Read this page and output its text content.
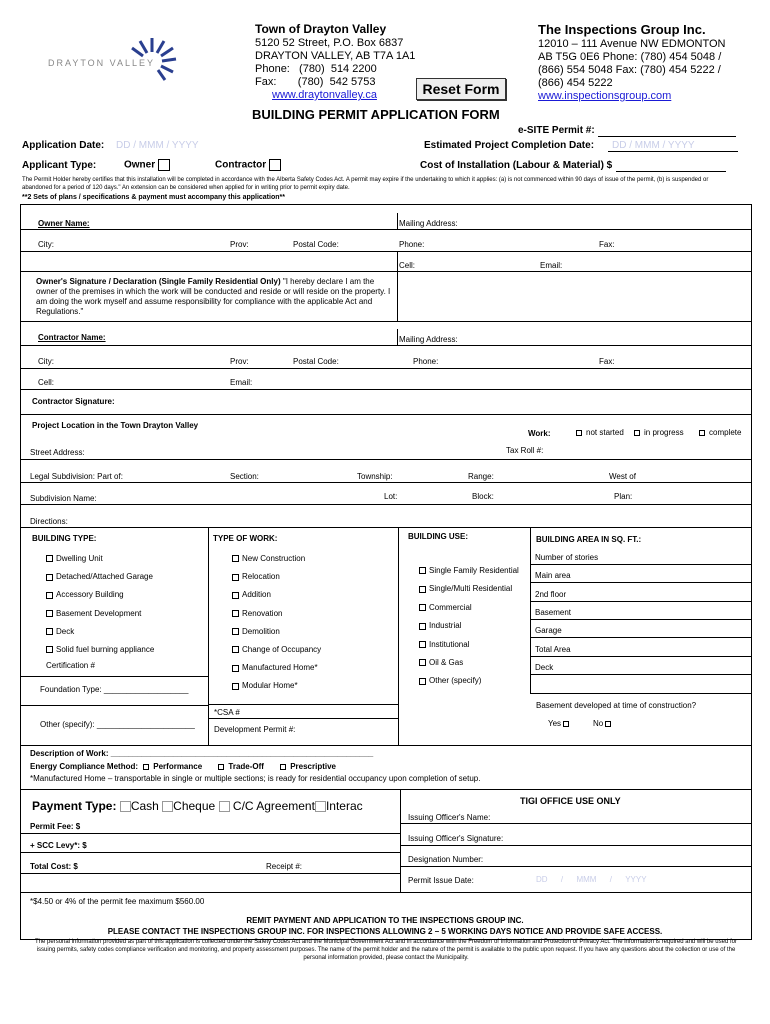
DRAYTON VALLEY
Town of Drayton Valley
5120 52 Street, P.O. Box 6837
DRAYTON VALLEY, AB T7A 1A1
Phone:   (780)  514 2200
Fax:       (780)  542 5753
www.draytonvalley.ca	Reset Form
The Inspections Group Inc.
12010 – 111 Avenue NW EDMONTON
AB T5G 0E6 Phone: (780) 454 5048 /
(866) 554 5048 Fax: (780) 454 5222 /
(866) 454 5222
www.inspectionsgroup.com
BUILDING PERMIT APPLICATION FORM
e-SITE Permit #:
Application Date: DD / MMM / YYYY	Estimated Project Completion Date: DD / MMM / YYYY
Applicant Type:	Owner	Contractor	Cost of Installation (Labour & Material) $
The Permit Holder hereby certifies that this installation will be completed in accordance with the Alberta Safety Codes Act. A permit may expire if the undertaking to which it applies: (a) is not commenced within 90 days of issue of the permit, (b) is suspended or abandoned for a period of 120 days." An extension can be considered when applied for in writing prior to permit expiry date.
**2 Sets of plans / specifications & payment must accompany this application**
Owner Name:	Mailing Address:
City:	Prov:	Postal Code:	Phone:	Fax:
Cell:	Email:
Owner's Signature / Declaration (Single Family Residential Only) "I hereby declare I am the owner of the premises in which the work will be conducted and reside or will reside on the property. I am doing the work myself and assume responsibility for compliance with the applicable Act and Regulations."
Contractor Name:	Mailing Address:
City:	Prov:	Postal Code:	Phone:	Fax:
Cell:	Email:
Contractor Signature:
Project Location in the Town Drayton Valley
Work:	not started	in progress	complete
Street Address:	Tax Roll #:
Legal Subdivision: Part of:	Section:	Township:	Range:	West of
Subdivision Name:	Lot:	Block:	Plan:
Directions:
BUILDING TYPE:
Dwelling Unit
Detached/Attached Garage
Accessory Building
Basement Development
Deck
Solid fuel burning appliance
Certification #
Foundation Type: ___________________
Other (specify): ______________________
TYPE OF WORK:
New Construction
Relocation
Addition
Renovation
Demolition
Change of Occupancy
Manufactured Home*
Modular Home*
*CSA #
Development Permit #:
BUILDING USE:
Single Family Residential
Single/Multi Residential
Commercial
Industrial
Institutional
Oil & Gas
Other (specify)
BUILDING AREA IN SQ. FT.:
Number of stories
Main area
2nd floor
Basement
Garage
Total Area
Deck
Basement developed at time of construction?
Yes	No
Description of Work: ___________________________________________________________
Energy Compliance Method: Performance	Trade-Off	Prescriptive
*Manufactured Home – transportable in single or multiple sections; is ready for residential occupancy upon completion of setup.
Payment Type: Cash Cheque C/C Agreement Interac
Permit Fee: $
+ SCC Levy*: $
Total Cost: $	Receipt #:
*$4.50 or 4% of the permit fee maximum $560.00
TIGI OFFICE USE ONLY
Issuing Officer's Name:
Issuing Officer's Signature:
Designation Number:
Permit Issue Date:	DD      /      MMM      /      YYYY
REMIT PAYMENT AND APPLICATION TO THE INSPECTIONS GROUP INC.
PLEASE CONTACT THE INSPECTIONS GROUP INC. FOR INSPECTIONS ALLOWING 2 – 5 WORKING DAYS NOTICE AND PROVIDE SAFE ACCESS.
The personal information provided as part of this application is collected under the Safety Codes Act and the Municipal Government Act and in accordance with the Freedom of Information and Protection of Privacy Act. The information is required and will be used for issuing permits, safety codes compliance verification and monitoring, and property assessment purposes. The name of the permit holder and the nature of the permit is available to the public upon request. If you have any questions about the collection or use of the personal information provided, please contact the Municipality.
